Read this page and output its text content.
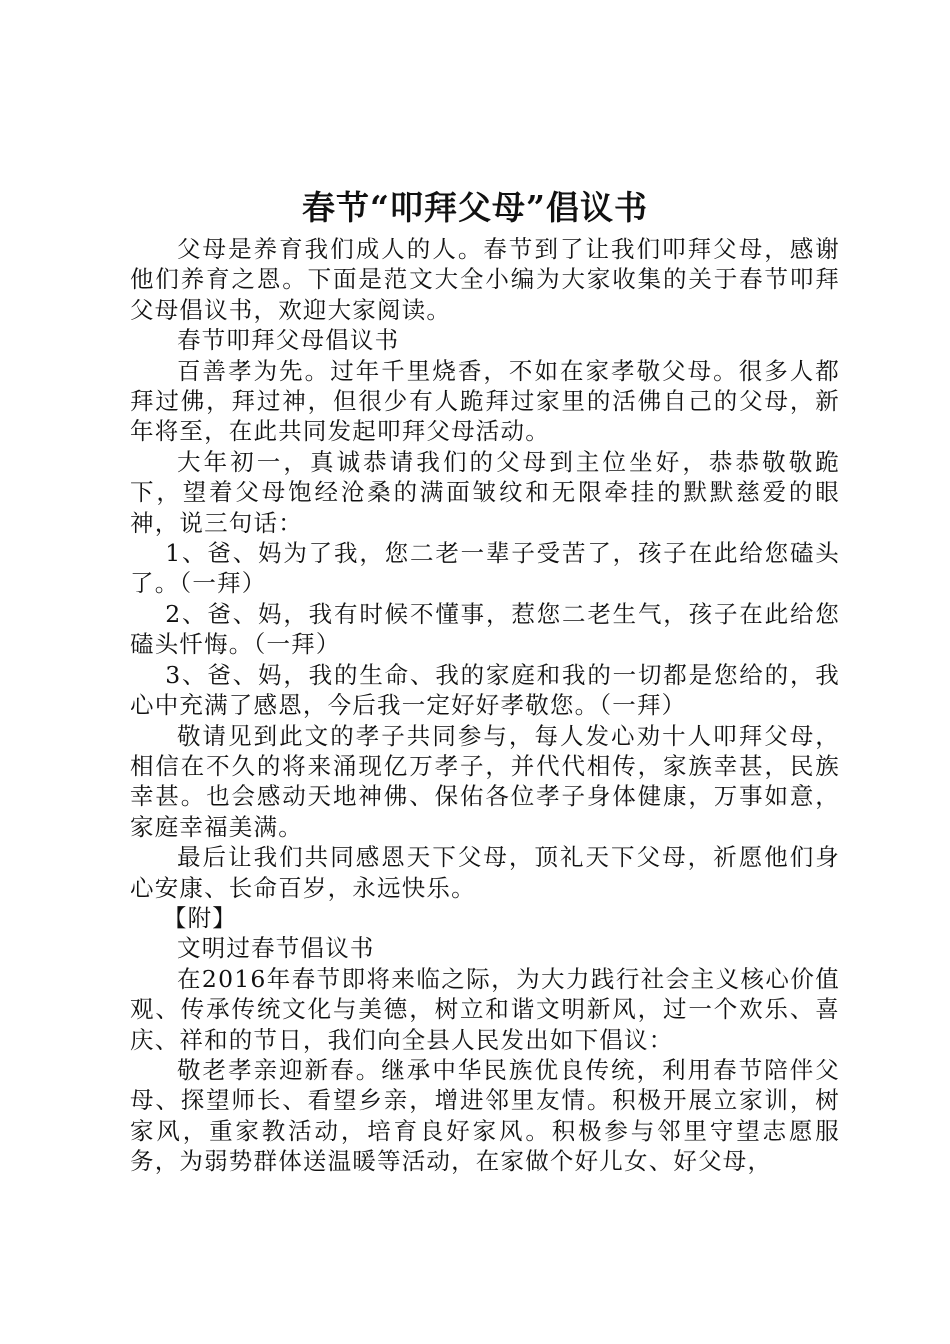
春节“叩拜父母”倡议书

父母是养育我们成人的人。春节到了让我们叩拜父母，感谢他们养育之恩。下面是范文大全小编为大家收集的关于春节叩拜父母倡议书，欢迎大家阅读。

春节叩拜父母倡议书

百善孝为先。过年千里烧香，不如在家孝敬父母。很多人都拜过佛，拜过神，但很少有人跪拜过家里的活佛自己的父母，新年将至，在此共同发起叩拜父母活动。

大年初一，真诚恭请我们的父母到主位坐好，恭恭敬敬跪下，望着父母饱经沧桑的满面皱纹和无限牵挂的默默慈爱的眼神，说三句话：

1、爸、妈为了我，您二老一辈子受苦了，孩子在此给您磕头了。（一拜）

2、爸、妈，我有时候不懂事，惹您二老生气，孩子在此给您磕头忏悔。（一拜）

3、爸、妈，我的生命、我的家庭和我的一切都是您给的，我心中充满了感恩，今后我一定好好孝敬您。（一拜）

敬请见到此文的孝子共同参与，每人发心劝十人叩拜父母，相信在不久的将来涌现亿万孝子，并代代相传，家族幸甚，民族幸甚。也会感动天地神佛、保佑各位孝子身体健康，万事如意，家庭幸福美满。

最后让我们共同感恩天下父母，顶礼天下父母，祈愿他们身心安康、长命百岁，永远快乐。

【附】

文明过春节倡议书

在2016年春节即将来临之际，为大力践行社会主义核心价值观、传承传统文化与美德，树立和谐文明新风，过一个欢乐、喜庆、祥和的节日，我们向全县人民发出如下倡议：

敬老孝亲迎新春。继承中华民族优良传统，利用春节陪伴父母、探望师长、看望乡亲，增进邻里友情。积极开展立家训，树家风，重家教活动，培育良好家风。积极参与邻里守望志愿服务，为弱势群体送温暖等活动，在家做个好儿女、好父母，
